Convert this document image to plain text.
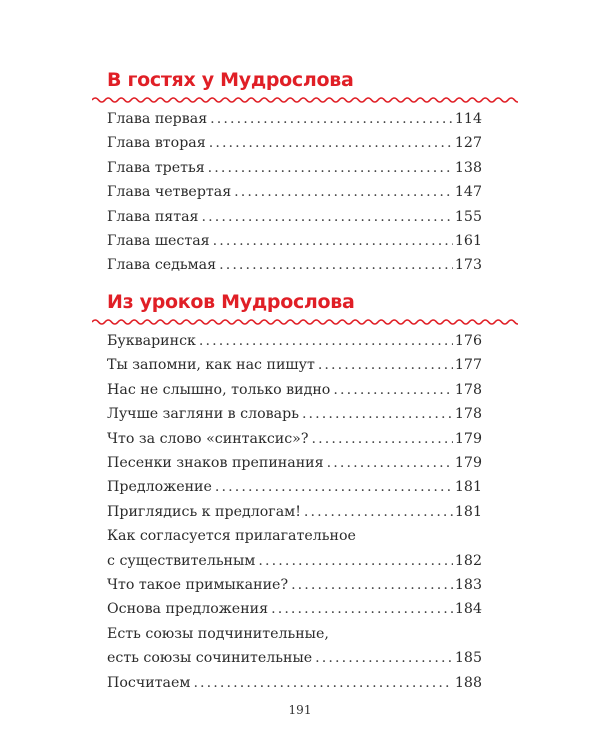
В гостях у Мудрослова
Глава первая . . .	114
Глава вторая . . .	127
Глава третья . . .	138
Глава четвертая . . .	147
Глава пятая . . .	155
Глава шестая . . .	161
Глава седьмая . . .	173
Из уроков Мудрослова
Букваринск . . .	176
Ты запомни, как нас пишут . . .	177
Нас не слышно, только видно . . .	178
Лучше загляни в словарь . . .	178
Что за слово «синтаксис»? . . .	179
Песенки знаков препинания . . .	179
Предложение . . .	181
Приглядись к предлогам! . . .	181
Как согласуется прилагательное
с существительным . . .	182
Что такое примыкание? . . .	183
Основа предложения . . .	184
Есть союзы подчинительные,
есть союзы сочинительные . . .	185
Посчитаем . . .	188
191
